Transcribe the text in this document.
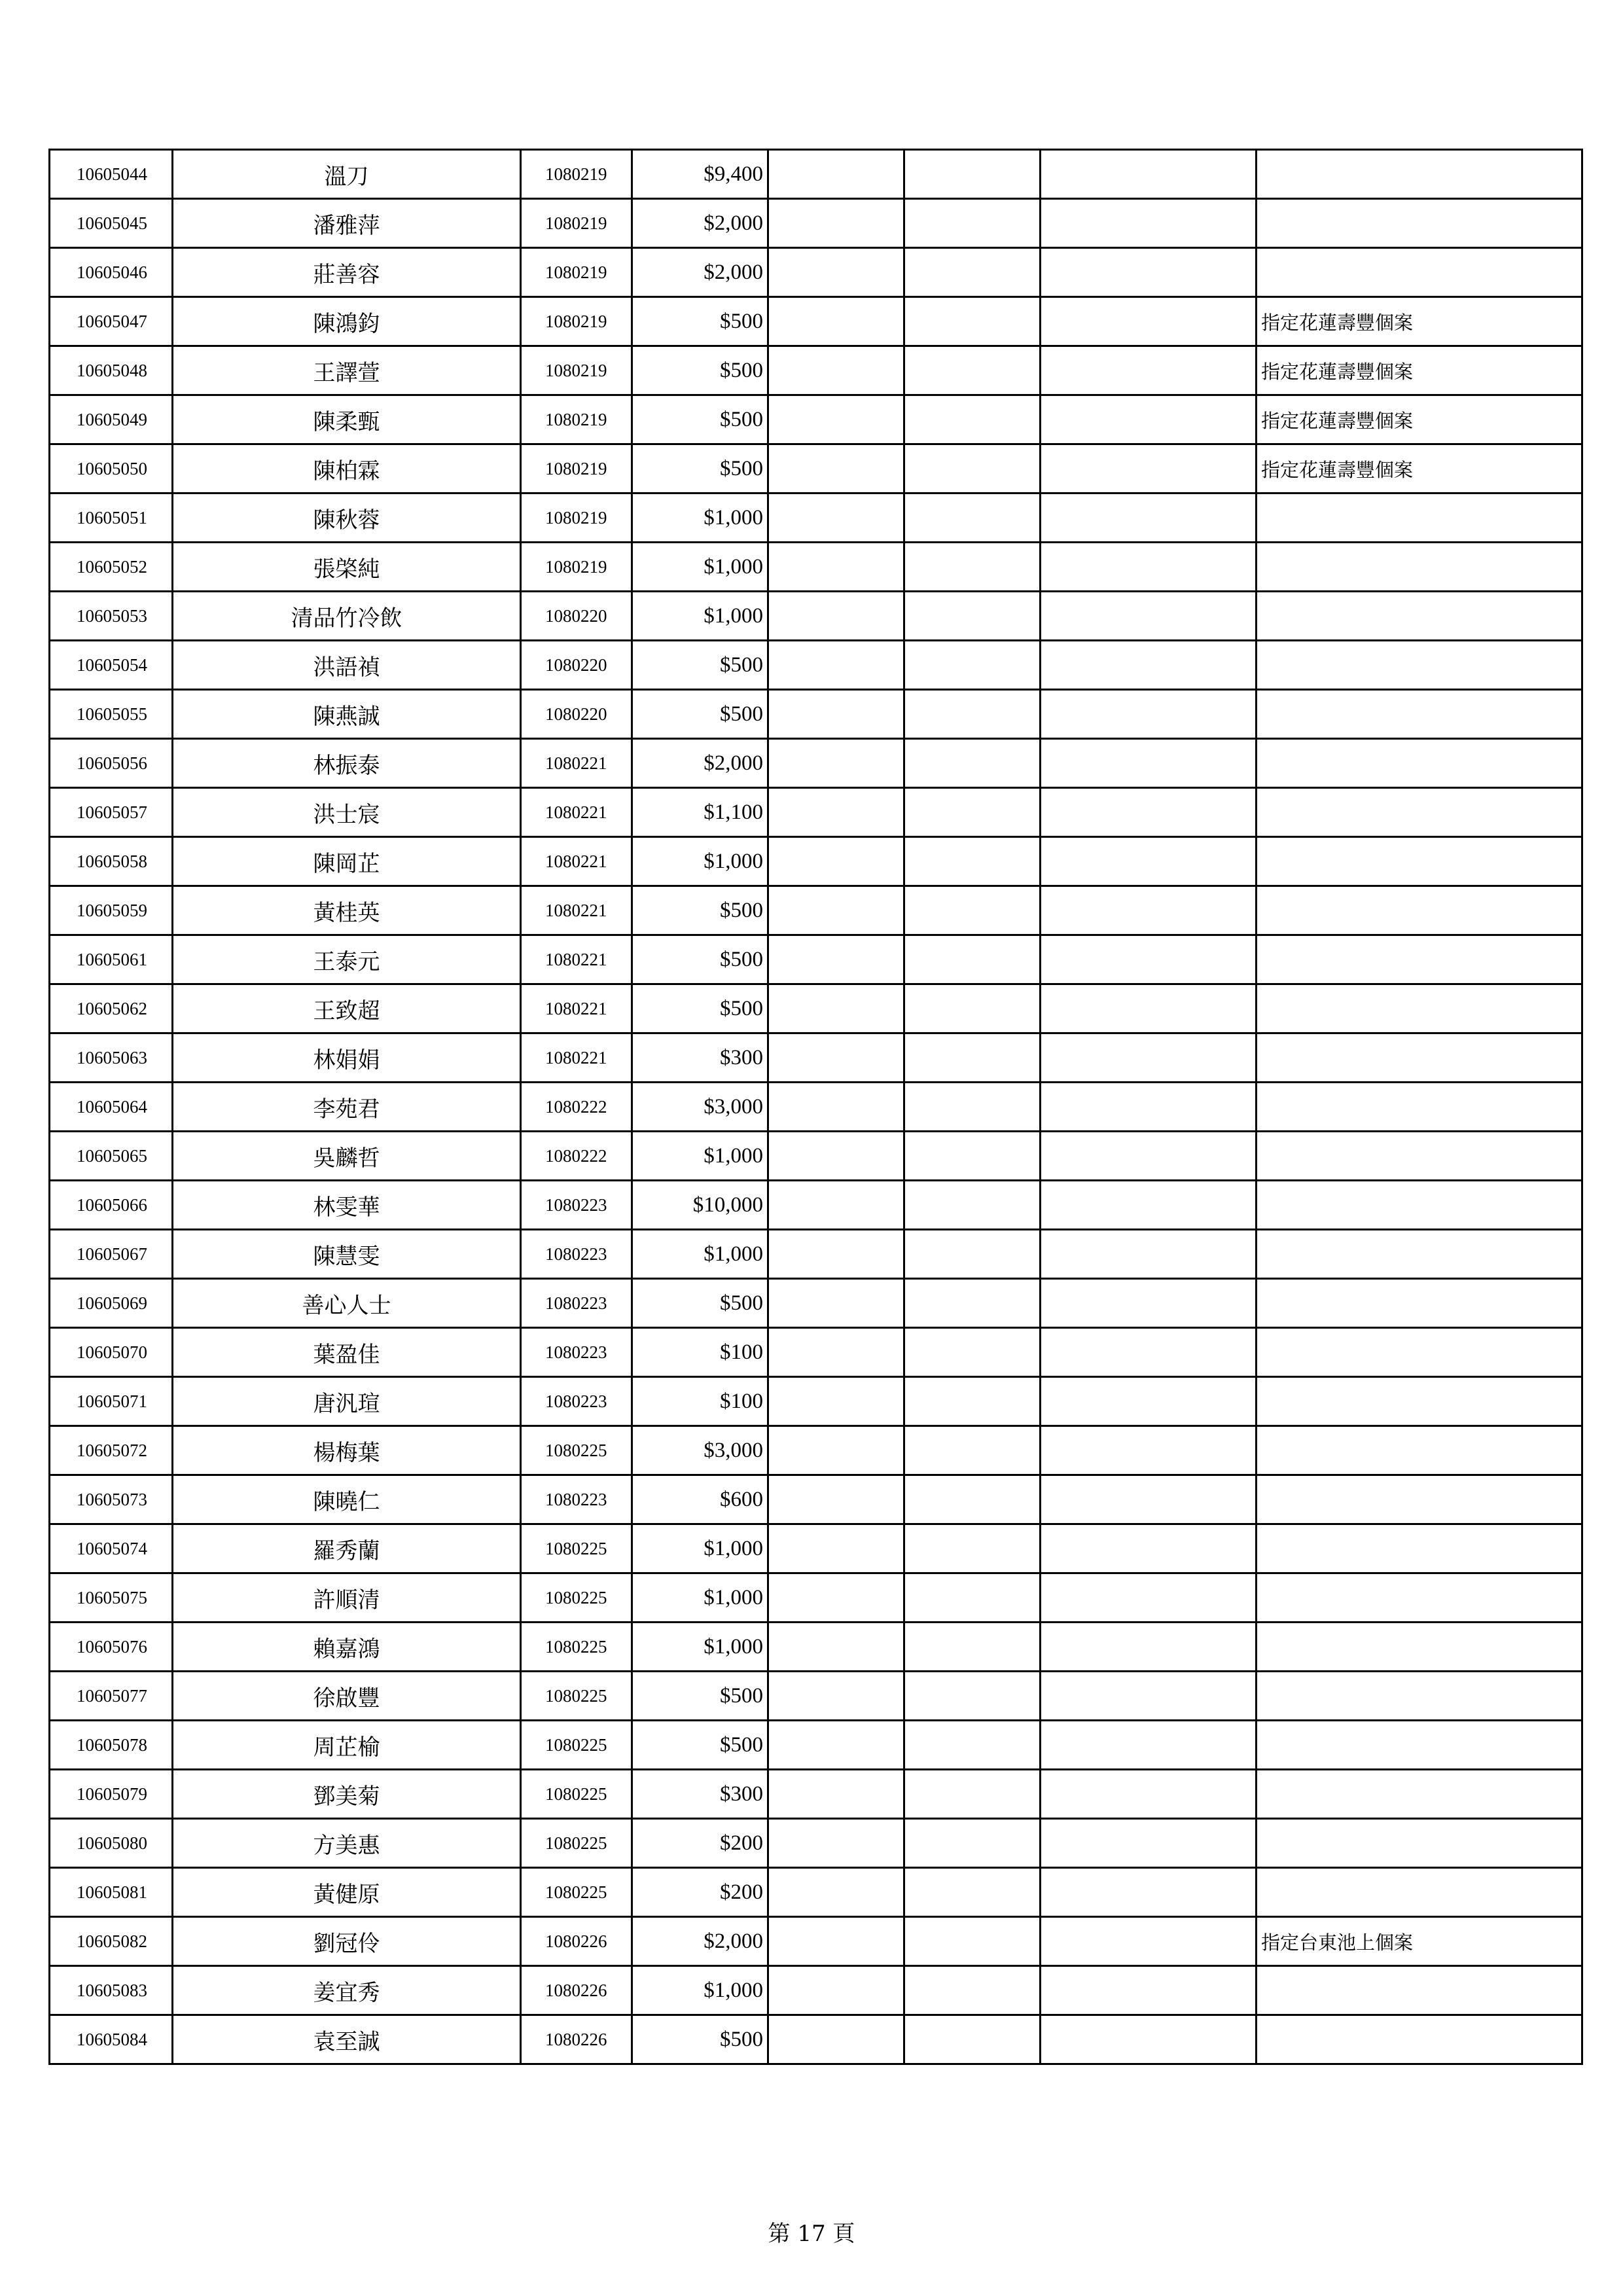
10605044	溫刀	1080219	$9,400				
10605045	潘雅萍	1080219	$2,000				
10605046	莊善容	1080219	$2,000				
10605047	陳鴻鈞	1080219	$500				指定花蓮壽豐個案
10605048	王譯萱	1080219	$500				指定花蓮壽豐個案
10605049	陳柔甄	1080219	$500				指定花蓮壽豐個案
10605050	陳柏霖	1080219	$500				指定花蓮壽豐個案
10605051	陳秋蓉	1080219	$1,000				
10605052	張棨純	1080219	$1,000				
10605053	清品竹冷飲	1080220	$1,000				
10605054	洪語禎	1080220	$500				
10605055	陳燕誠	1080220	$500				
10605056	林振泰	1080221	$2,000				
10605057	洪士宸	1080221	$1,100				
10605058	陳岡芷	1080221	$1,000				
10605059	黃桂英	1080221	$500				
10605061	王泰元	1080221	$500				
10605062	王致超	1080221	$500				
10605063	林娟娟	1080221	$300				
10605064	李苑君	1080222	$3,000				
10605065	吳麟哲	1080222	$1,000				
10605066	林雯華	1080223	$10,000				
10605067	陳慧雯	1080223	$1,000				
10605069	善心人士	1080223	$500				
10605070	葉盈佳	1080223	$100				
10605071	唐汎瑄	1080223	$100				
10605072	楊梅葉	1080225	$3,000				
10605073	陳曉仁	1080223	$600				
10605074	羅秀蘭	1080225	$1,000				
10605075	許順清	1080225	$1,000				
10605076	賴嘉鴻	1080225	$1,000				
10605077	徐啟豐	1080225	$500				
10605078	周芷榆	1080225	$500				
10605079	鄧美菊	1080225	$300				
10605080	方美惠	1080225	$200				
10605081	黃健原	1080225	$200				
10605082	劉冠伶	1080226	$2,000				指定台東池上個案
10605083	姜宜秀	1080226	$1,000				
10605084	袁至誠	1080226	$500				
第 17 頁
